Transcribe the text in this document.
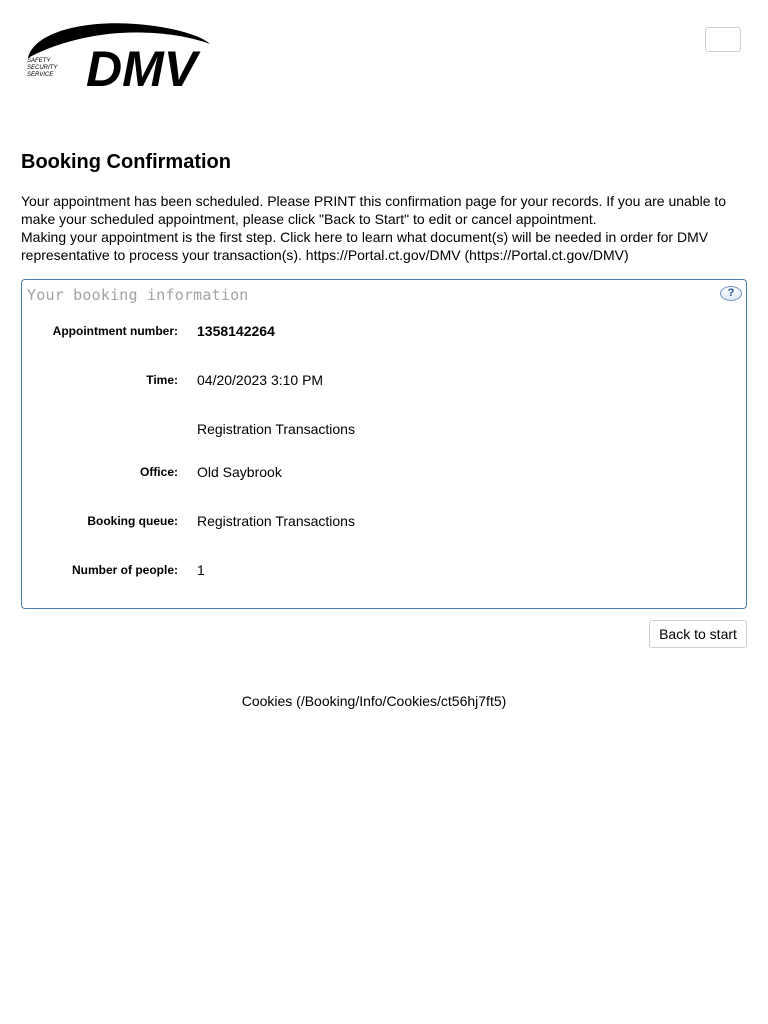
DMV
SAFETY
SECURITY
SERVICE
Booking Confirmation

Your appointment has been scheduled. Please PRINT this confirmation page for your records. If you are unable to make your scheduled appointment, please click "Back to Start" to edit or cancel appointment.

Making your appointment is the first step. Click here to learn what document(s) will be needed in order for DMV representative to process your transaction(s). https://Portal.ct.gov/DMV (https://Portal.ct.gov/DMV)

Your booking information	?
Appointment number: 1358142264
Time: 04/20/2023 3:10 PM
Registration Transactions
Office: Old Saybrook
Booking queue: Registration Transactions
Number of people: 1
Back to start
Cookies (/Booking/Info/Cookies/ct56hj7ft5)
